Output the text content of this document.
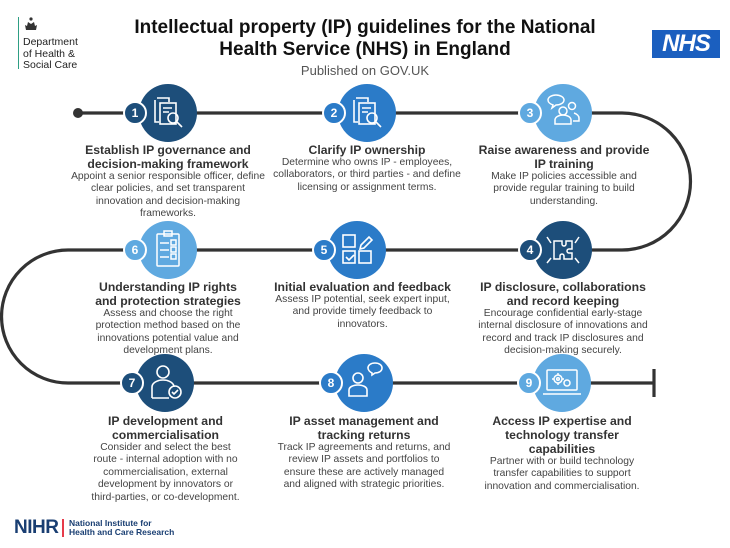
Department
of Health &
Social Care
Intellectual property (IP) guidelines for the National
Health Service (NHS) in England
Published on GOV.UK
NHS
1	2	3
4
5
6
7	8	9
Establish IP governance and decision-making framework
Appoint a senior responsible officer, define clear policies, and set transparent innovation and decision-making frameworks.
Clarify IP ownership
Determine who owns IP - employees, collaborators, or third parties - and define licensing or assignment terms.
Raise awareness and provide IP training
Make IP policies accessible and provide regular training to build understanding.
IP disclosure, collaborations and record keeping
Encourage confidential early-stage internal disclosure of innovations and record and track IP disclosures and decision-making securely.
Initial evaluation and feedback
Assess IP potential, seek expert input, and provide timely feedback to innovators.
Understanding IP rights and protection strategies
Assess and choose the right protection method based on the innovations potential value and development plans.
IP development and commercialisation
Consider and select the best route - internal adoption with no commercialisation, external development by innovators or third-parties, or co-development.
IP asset management and tracking returns
Track IP agreements and returns, and review IP assets and portfolios to ensure these are actively managed and aligned with strategic priorities.
Access IP expertise and technology transfer capabilities
Partner with or build technology transfer capabilities to support innovation and commercialisation.
NIHR National Institute for
Health and Care Research
